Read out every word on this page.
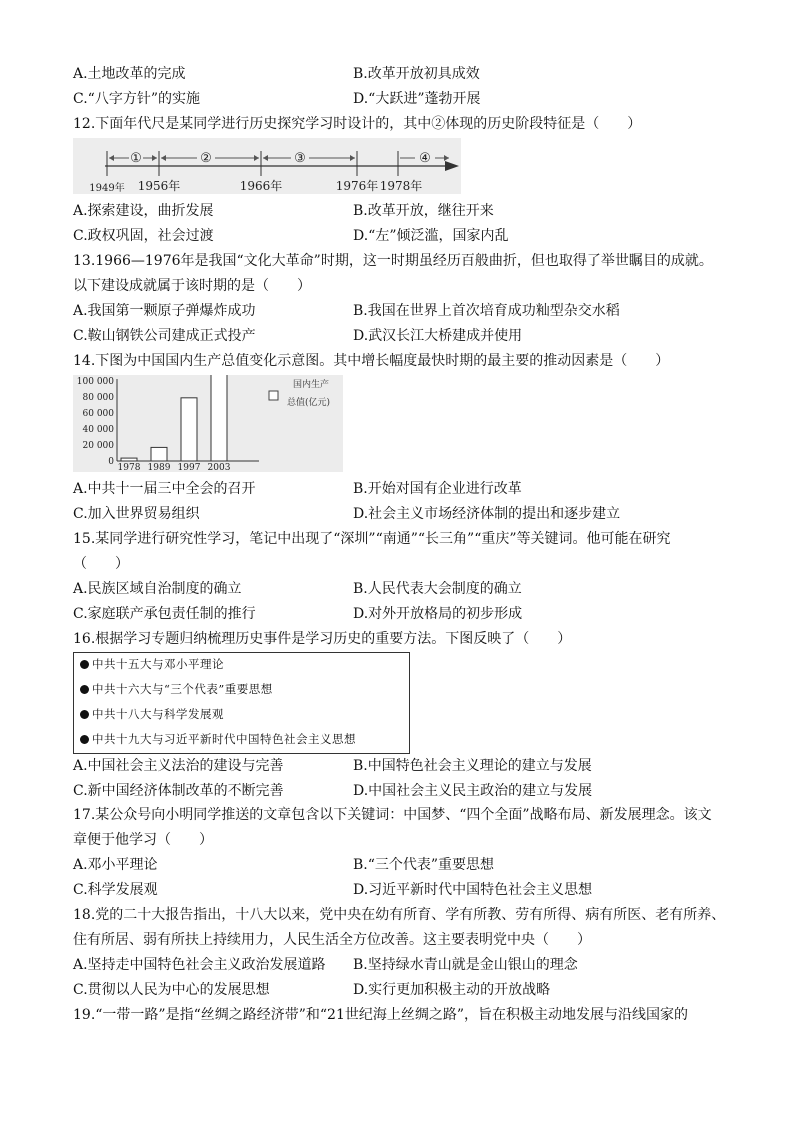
A.土地改革的完成	B.改革开放初具成效
C.“八字方针”的实施	D.“大跃进”蓬勃开展
12.下面年代尺是某同学进行历史探究学习时设计的，其中②体现的历史阶段特征是（　　）
①	②	③	④
1949年 1956年	1966年	1976年 1978年
A.探索建设，曲折发展	B.改革开放，继往开来
C.政权巩固，社会过渡	D.“左”倾泛滥，国家内乱
13.1966—1976年是我国“文化大革命”时期，这一时期虽经历百般曲折，但也取得了举世瞩目的成就。
以下建设成就属于该时期的是（　　）
A.我国第一颗原子弹爆炸成功	B.我国在世界上首次培育成功籼型杂交水稻
C.鞍山钢铁公司建成正式投产	D.武汉长江大桥建成并使用
14.下图为中国国内生产总值变化示意图。其中增长幅度最快时期的最主要的推动因素是（　　）
0
20 000
40 000
60 000
80 000
100 000
1978 1989 1997 2003
国内生产
总值(亿元)
A.中共十一届三中全会的召开	B.开始对国有企业进行改革
C.加入世界贸易组织	D.社会主义市场经济体制的提出和逐步建立
15.某同学进行研究性学习，笔记中出现了“深圳”“南通”“长三角”“重庆”等关键词。他可能在研究
（　　）
A.民族区域自治制度的确立	B.人民代表大会制度的确立
C.家庭联产承包责任制的推行	D.对外开放格局的初步形成
16.根据学习专题归纳梳理历史事件是学习历史的重要方法。下图反映了（　　）
中共十五大与邓小平理论
中共十六大与“三个代表”重要思想
中共十八大与科学发展观
中共十九大与习近平新时代中国特色社会主义思想
A.中国社会主义法治的建设与完善	B.中国特色社会主义理论的建立与发展
C.新中国经济体制改革的不断完善	D.中国社会主义民主政治的建立与发展
17.某公众号向小明同学推送的文章包含以下关键词：中国梦、“四个全面”战略布局、新发展理念。该文
章便于他学习（　　）
A.邓小平理论	B.“三个代表”重要思想
C.科学发展观	D.习近平新时代中国特色社会主义思想
18.党的二十大报告指出，十八大以来，党中央在幼有所育、学有所教、劳有所得、病有所医、老有所养、
住有所居、弱有所扶上持续用力，人民生活全方位改善。这主要表明党中央（　　）
A.坚持走中国特色社会主义政治发展道路 B.坚持绿水青山就是金山银山的理念
C.贯彻以人民为中心的发展思想	D.实行更加积极主动的开放战略
19.“一带一路”是指“丝绸之路经济带”和“21世纪海上丝绸之路”，旨在积极主动地发展与沿线国家的
